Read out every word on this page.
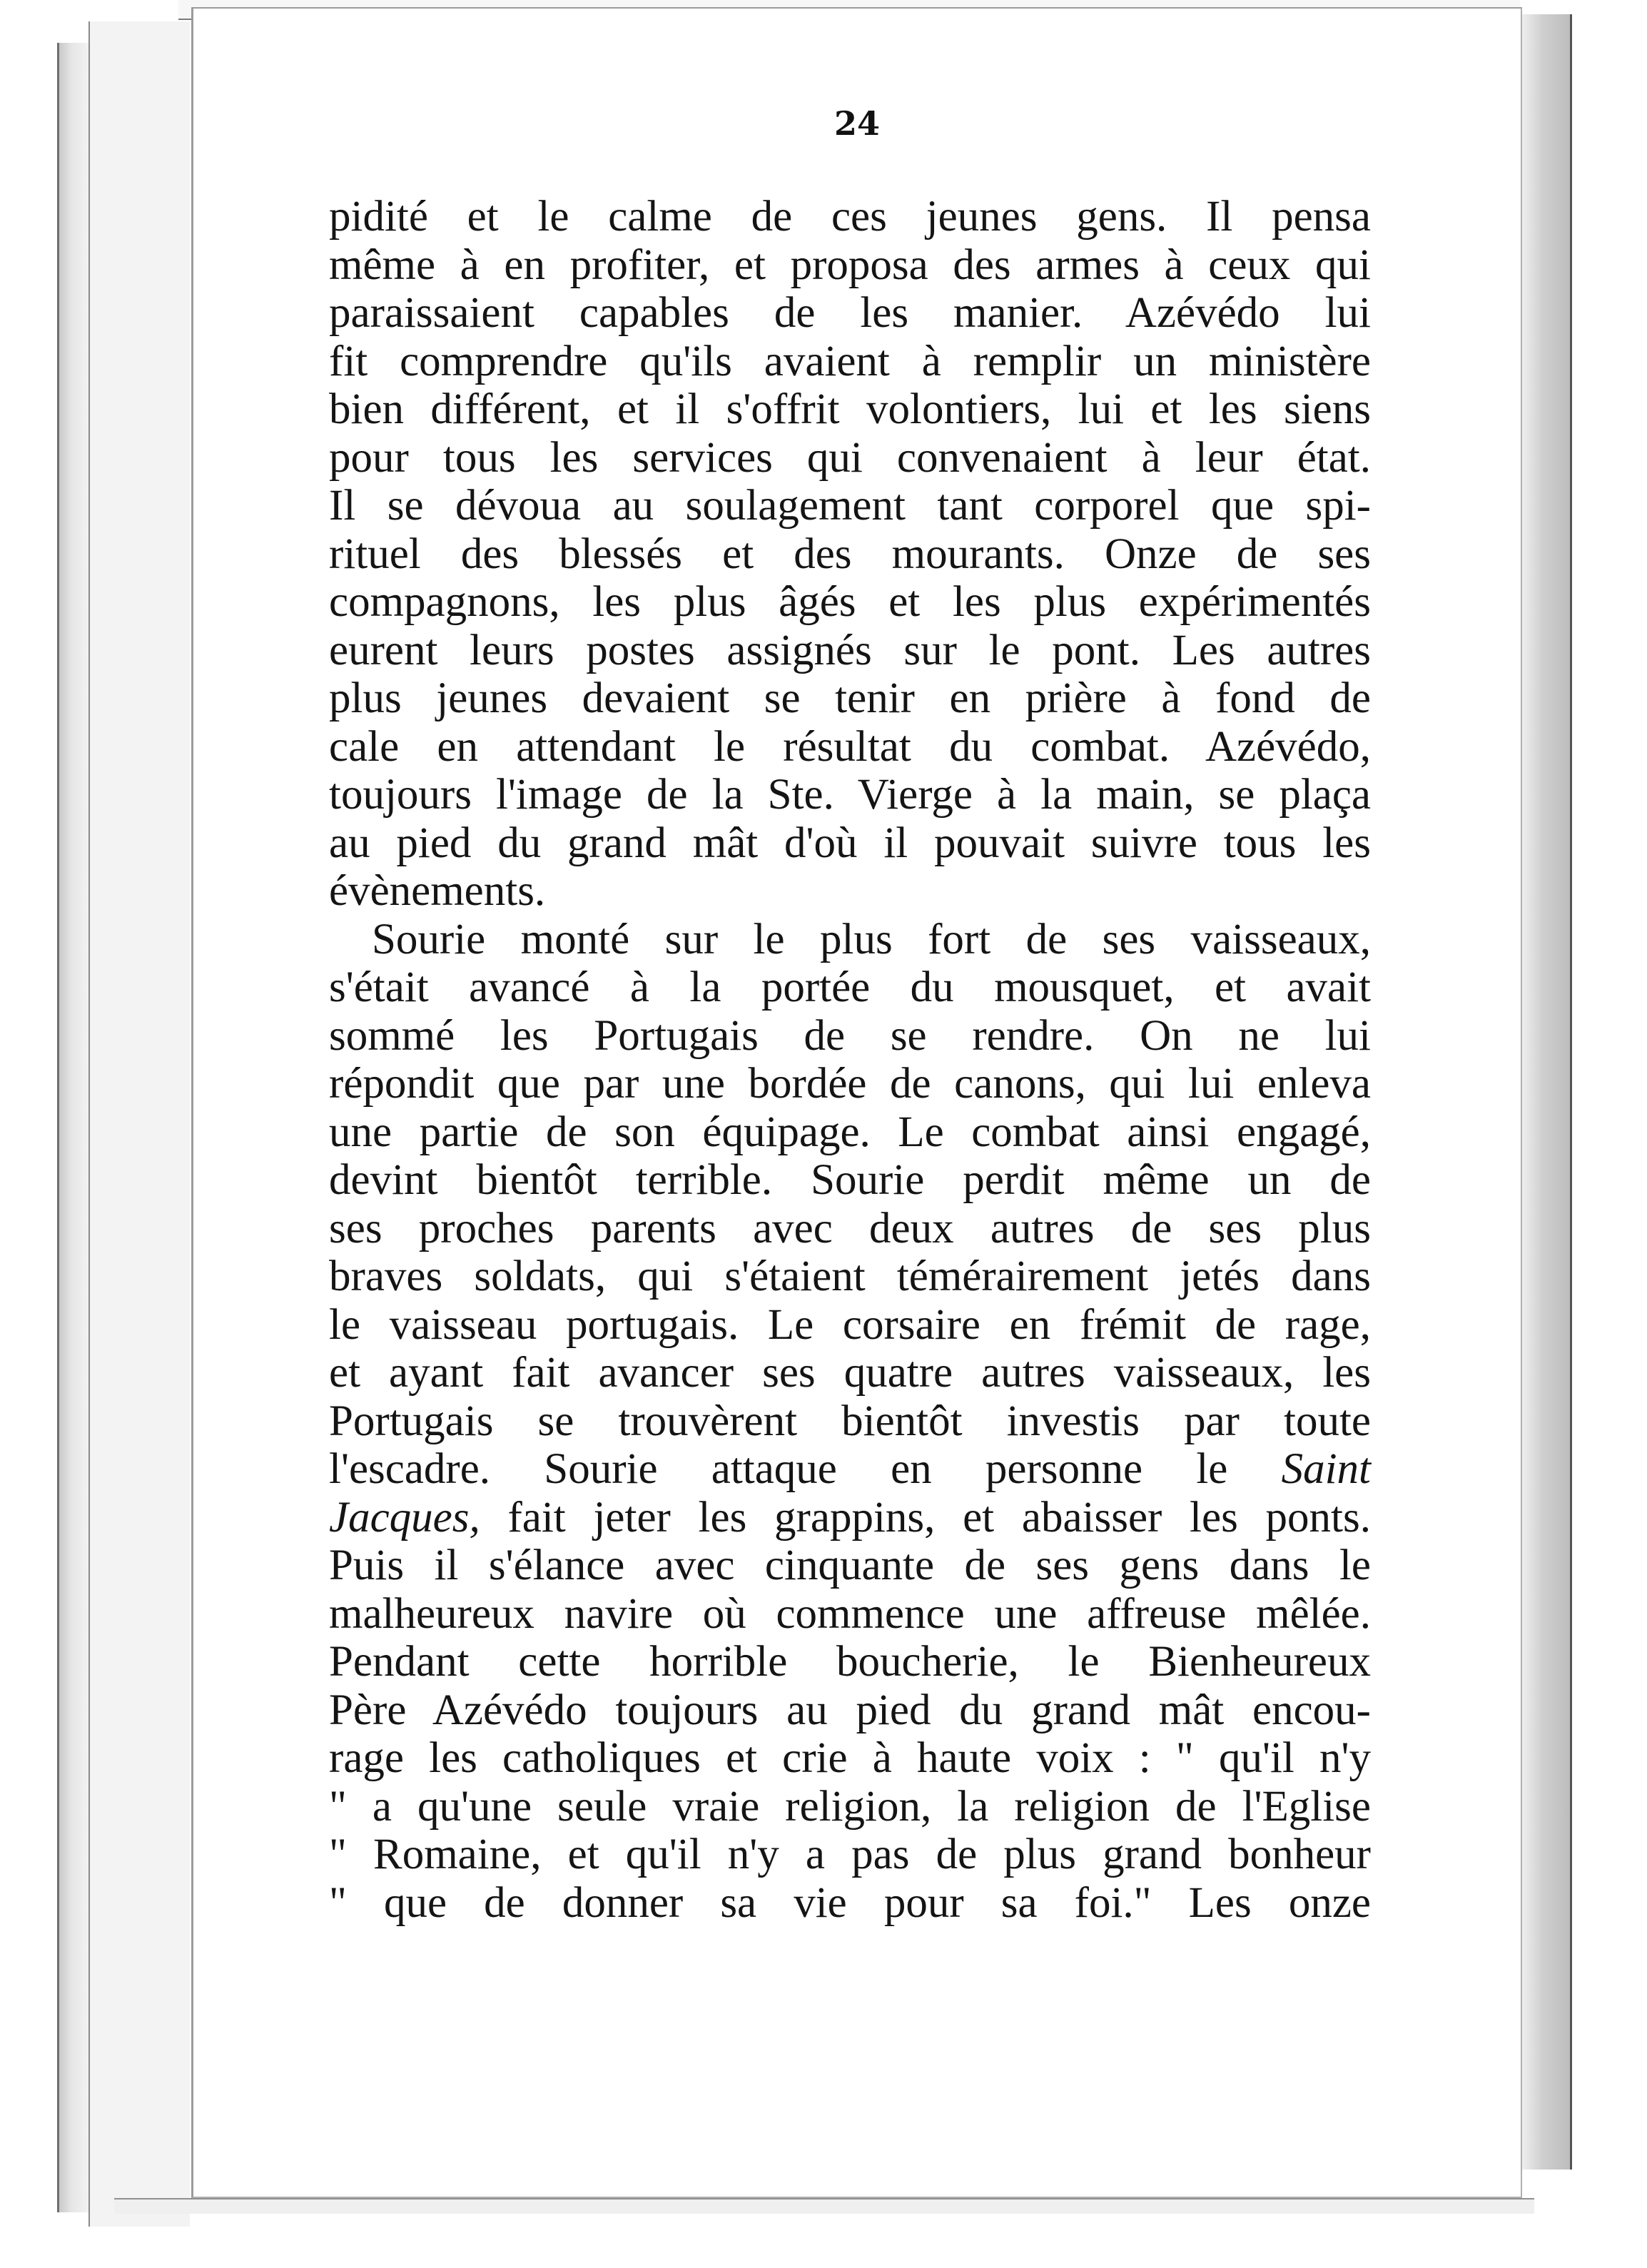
24
pidité et le calme de ces jeunes gens. Il pensa
même à en profiter, et proposa des armes à ceux qui
paraissaient capables de les manier. Azévédo lui
fit comprendre qu'ils avaient à remplir un ministère
bien différent, et il s'offrit volontiers, lui et les siens
pour tous les services qui convenaient à leur état.
Il se dévoua au soulagement tant corporel que spi-
rituel des blessés et des mourants. Onze de ses
compagnons, les plus âgés et les plus expérimentés
eurent leurs postes assignés sur le pont. Les autres
plus jeunes devaient se tenir en prière à fond de
cale en attendant le résultat du combat. Azévédo,
toujours l'image de la Ste. Vierge à la main, se plaça
au pied du grand mât d'où il pouvait suivre tous les
évènements.
Sourie monté sur le plus fort de ses vaisseaux,
s'était avancé à la portée du mousquet, et avait
sommé les Portugais de se rendre. On ne lui
répondit que par une bordée de canons, qui lui enleva
une partie de son équipage. Le combat ainsi engagé,
devint bientôt terrible. Sourie perdit même un de
ses proches parents avec deux autres de ses plus
braves soldats, qui s'étaient témérairement jetés dans
le vaisseau portugais. Le corsaire en frémit de rage,
et ayant fait avancer ses quatre autres vaisseaux, les
Portugais se trouvèrent bientôt investis par toute
l'escadre. Sourie attaque en personne le Saint
Jacques, fait jeter les grappins, et abaisser les ponts.
Puis il s'élance avec cinquante de ses gens dans le
malheureux navire où commence une affreuse mêlée.
Pendant cette horrible boucherie, le Bienheureux
Père Azévédo toujours au pied du grand mât encou-
rage les catholiques et crie à haute voix : " qu'il n'y
" a qu'une seule vraie religion, la religion de l'Eglise
" Romaine, et qu'il n'y a pas de plus grand bonheur
" que de donner sa vie pour sa foi." Les onze
